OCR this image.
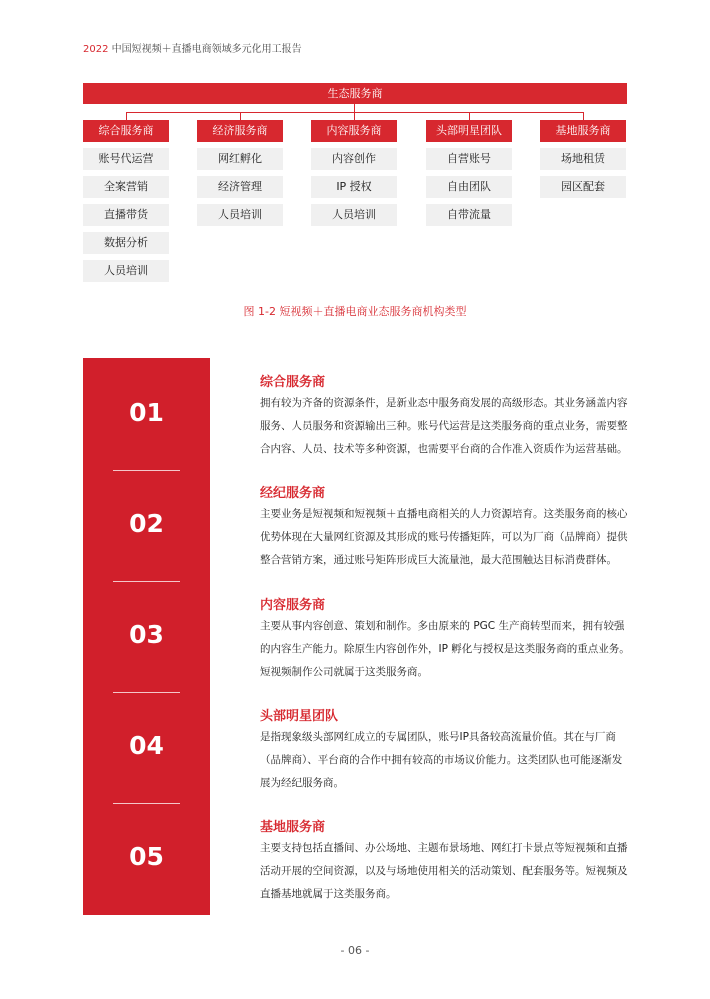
2022 中国短视频＋直播电商领域多元化用工报告
生态服务商
综合服务商
账号代运营
全案营销
直播带货
数据分析
人员培训
经济服务商
网红孵化
经济管理
人员培训
内容服务商
内容创作
IP 授权
人员培训
头部明星团队
自营账号
自由团队
自带流量
基地服务商
场地租赁
园区配套
图 1-2 短视频＋直播电商业态服务商机构类型
01
02
03
04
05
综合服务商

拥有较为齐备的资源条件，是新业态中服务商发展的高级形态。其业务涵盖内容服务、人员服务和资源输出三种。账号代运营是这类服务商的重点业务，需要整合内容、人员、技术等多种资源，也需要平台商的合作准入资质作为运营基础。

经纪服务商

主要业务是短视频和短视频＋直播电商相关的人力资源培育。这类服务商的核心优势体现在大量网红资源及其形成的账号传播矩阵，可以为厂商（品牌商）提供整合营销方案，通过账号矩阵形成巨大流量池，最大范围触达目标消费群体。

内容服务商

主要从事内容创意、策划和制作。多由原来的 PGC 生产商转型而来，拥有较强的内容生产能力。除原生内容创作外，IP 孵化与授权是这类服务商的重点业务。短视频制作公司就属于这类服务商。

头部明星团队

是指现象级头部网红成立的专属团队，账号IP具备较高流量价值。其在与厂商（品牌商）、平台商的合作中拥有较高的市场议价能力。这类团队也可能逐渐发展为经纪服务商。

基地服务商

主要支持包括直播间、办公场地、主题布景场地、网红打卡景点等短视频和直播活动开展的空间资源，以及与场地使用相关的活动策划、配套服务等。短视频及直播基地就属于这类服务商。

- 06 -
